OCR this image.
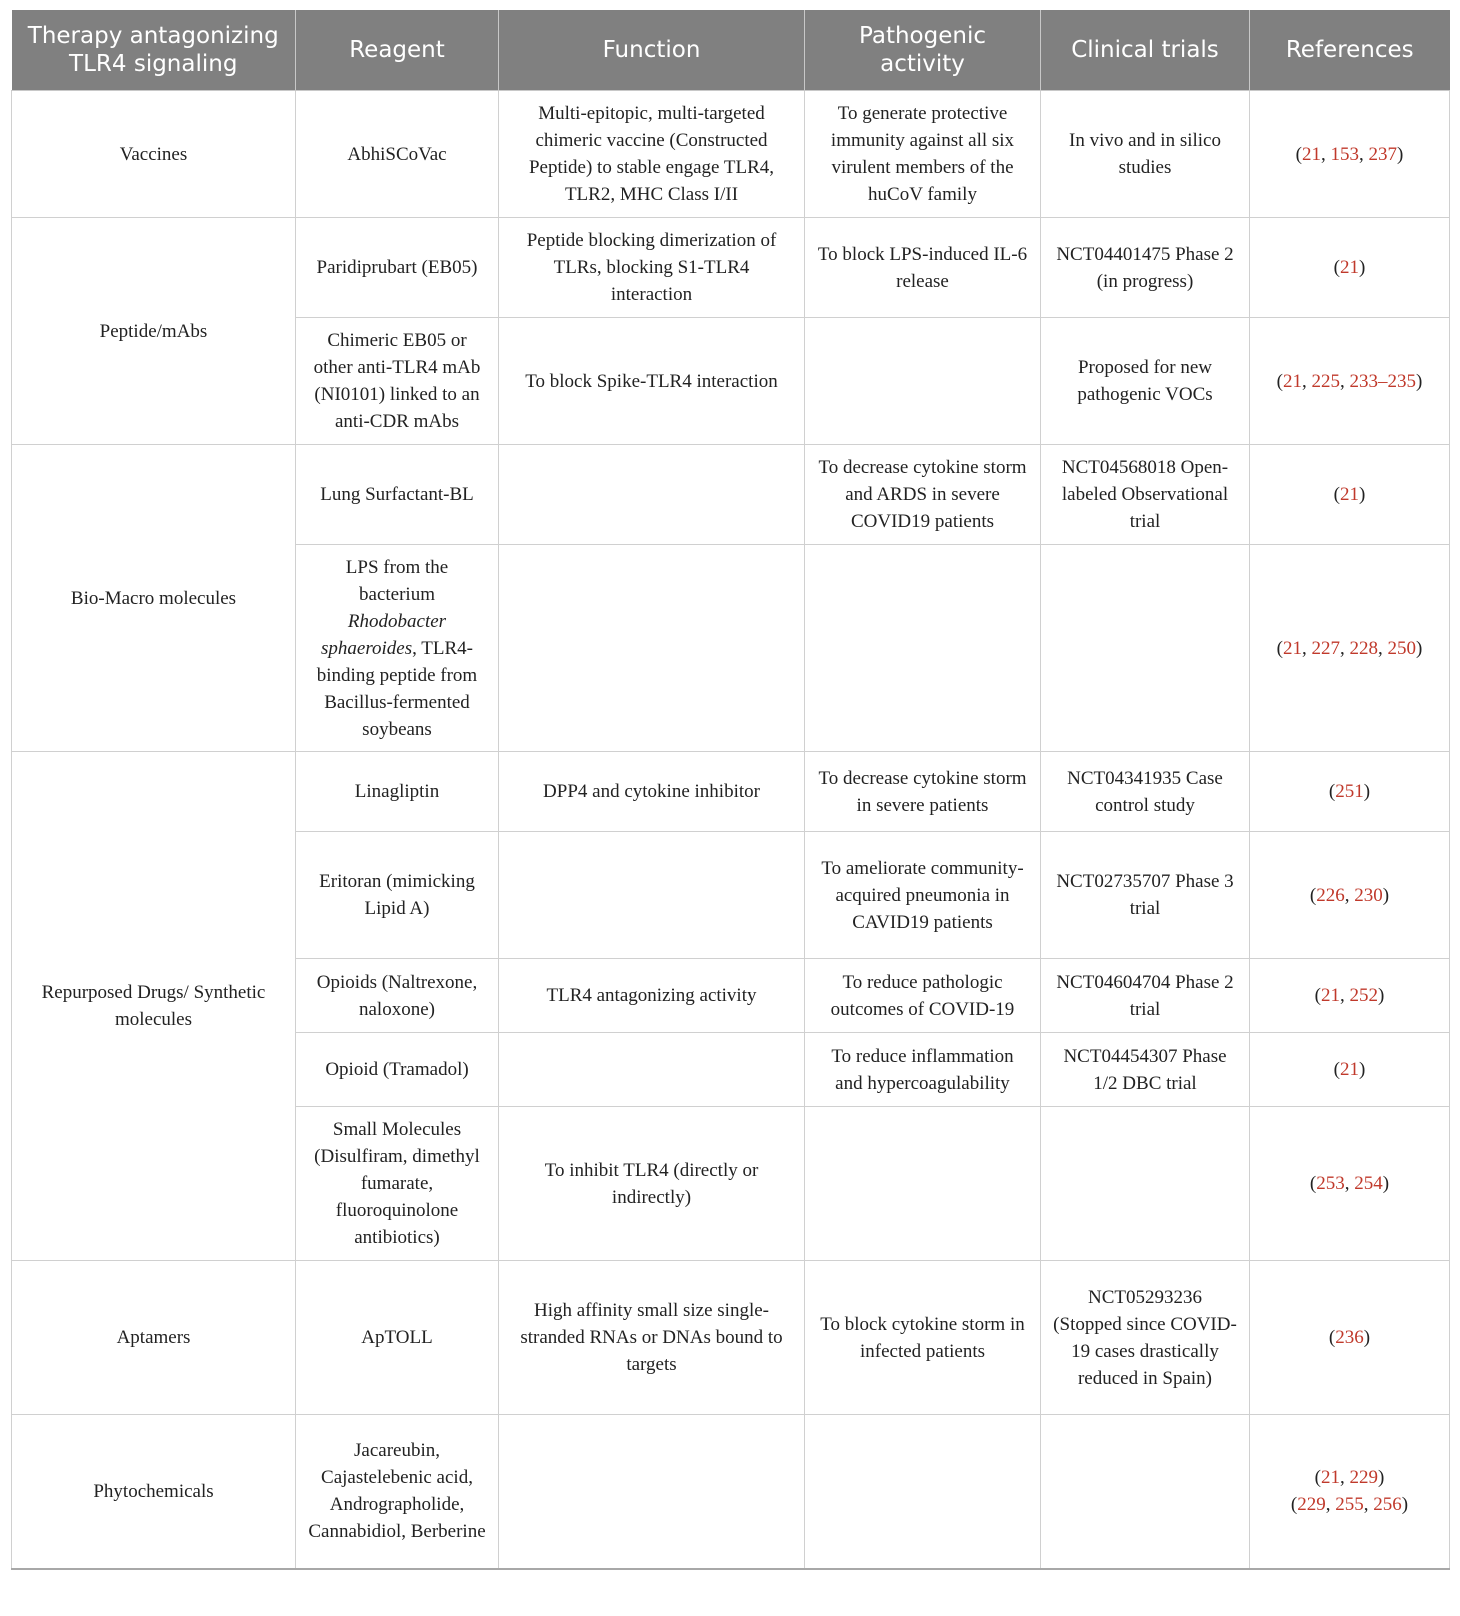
Therapy antagonizing TLR4 signaling	Reagent	Function	Pathogenic activity	Clinical trials	References
Vaccines	AbhiSCoVac	Multi-epitopic, multi-targeted chimeric vaccine (Constructed Peptide) to stable engage TLR4, TLR2, MHC Class I/II	To generate protective immunity against all six virulent members of the huCoV family	In vivo and in silico studies	(21, 153, 237)

Peptide/mAbs	Paridiprubart (EB05)	Peptide blocking dimerization of TLRs, blocking S1-TLR4 interaction	To block LPS-induced IL-6 release	NCT04401475 Phase 2 (in progress)	(21)

	Chimeric EB05 or other anti-TLR4 mAb (NI0101) linked to an anti-CDR mAbs	To block Spike-TLR4 interaction		Proposed for new pathogenic VOCs	(21, 225, 233–235)

Bio-Macro molecules	Lung Surfactant-BL		To decrease cytokine storm and ARDS in severe COVID19 patients	NCT04568018 Open-labeled Observational trial	(21)

	LPS from the bacterium Rhodobacter sphaeroides, TLR4-binding peptide from Bacillus-fermented soybeans				(21, 227, 228, 250)

Repurposed Drugs/ Synthetic molecules	Linagliptin	DPP4 and cytokine inhibitor	To decrease cytokine storm in severe patients	NCT04341935 Case control study	(251)

	Eritoran (mimicking Lipid A)		To ameliorate community-acquired pneumonia in CAVID19 patients	NCT02735707 Phase 3 trial	(226, 230)

	Opioids (Naltrexone, naloxone)	TLR4 antagonizing activity	To reduce pathologic outcomes of COVID-19	NCT04604704 Phase 2 trial	(21, 252)

	Opioid (Tramadol)		To reduce inflammation and hypercoagulability	NCT04454307 Phase 1/2 DBC trial	(21)

	Small Molecules (Disulfiram, dimethyl fumarate, fluoroquinolone antibiotics)	To inhibit TLR4 (directly or indirectly)			(253, 254)

Aptamers	ApTOLL	High affinity small size single-stranded RNAs or DNAs bound to targets	To block cytokine storm in infected patients	NCT05293236 (Stopped since COVID-19 cases drastically reduced in Spain)	(236)

Phytochemicals	Jacareubin, Cajastelebenic acid, Andrographolide, Cannabidiol, Berberine				(21, 229)
(229, 255, 256)
